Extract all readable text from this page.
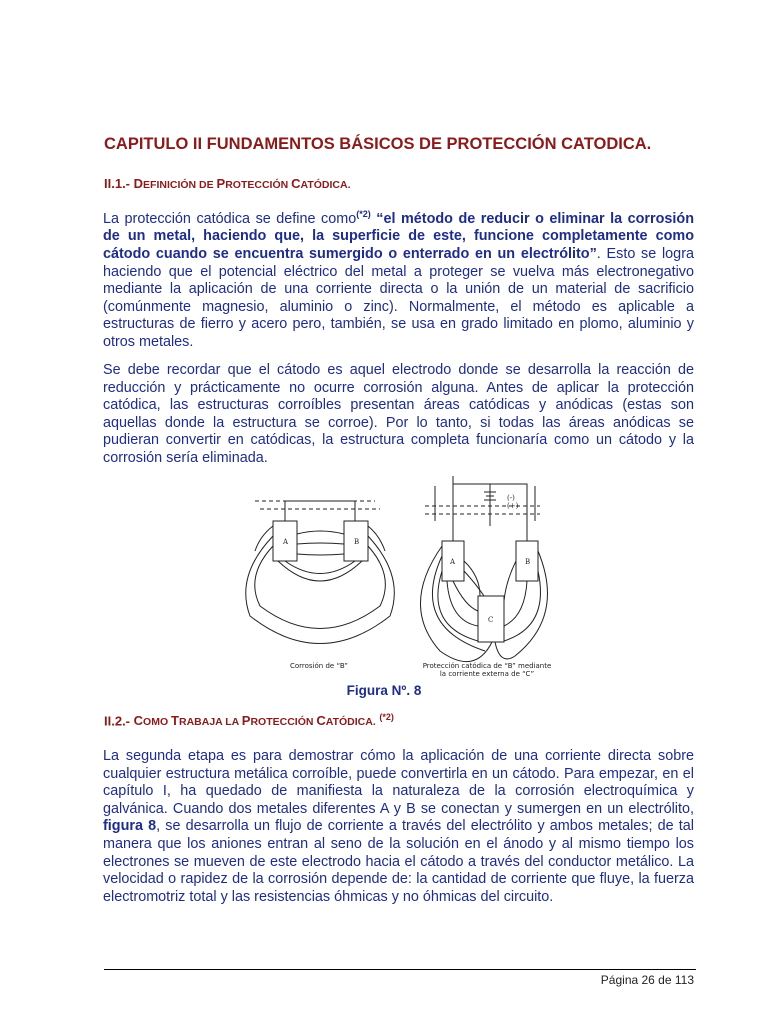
CAPITULO II FUNDAMENTOS BÁSICOS DE PROTECCIÓN CATODICA.
II.1.- DEFINICIÓN DE PROTECCIÓN CATÓDICA.

La protección catódica se define como$^{(*2)}$ “el método de reducir o eliminar la corrosión de un metal, haciendo que, la superficie de este, funcione completamente como cátodo cuando se encuentra sumergido o enterrado en un electrólito”. Esto se logra haciendo que el potencial eléctrico del metal a proteger se vuelva más electronegativo mediante la aplicación de una corriente directa o la unión de un material de sacrificio (comúnmente magnesio, aluminio o zinc). Normalmente, el método es aplicable a estructuras de fierro y acero pero, también, se usa en grado limitado en plomo, aluminio y otros metales.

Se debe recordar que el cátodo es aquel electrodo donde se desarrolla la reacción de reducción y prácticamente no ocurre corrosión alguna. Antes de aplicar la protección catódica, las estructuras corroíbles presentan áreas catódicas y anódicas (estas son aquellas donde la estructura se corroe). Por lo tanto, si todas las áreas anódicas se pudieran convertir en catódicas, la estructura completa funcionaría como un cátodo y la corrosión sería eliminada.

A	B
A	B
C
(-)
(+)
Corrosión de “B”	Protección catódica de “B” mediante
la corriente externa de “C”

Figura Nº. 8

II.2.- COMO TRABAJA LA PROTECCIÓN CATÓDICA. $^{(*2)}$

La segunda etapa es para demostrar cómo la aplicación de una corriente directa sobre cualquier estructura metálica corroíble, puede convertirla en un cátodo. Para empezar, en el capítulo I, ha quedado de manifiesta la naturaleza de la corrosión electroquímica y galvánica. Cuando dos metales diferentes A y B se conectan y sumergen en un electrólito, figura 8, se desarrolla un flujo de corriente a través del electrólito y ambos metales; de tal manera que los aniones entran al seno de la solución en el ánodo y al mismo tiempo los electrones se mueven de este electrodo hacia el cátodo a través del conductor metálico. La velocidad o rapidez de la corrosión depende de: la cantidad de corriente que fluye, la fuerza electromotriz total y las resistencias óhmicas y no óhmicas del circuito.

Página 26 de 113
